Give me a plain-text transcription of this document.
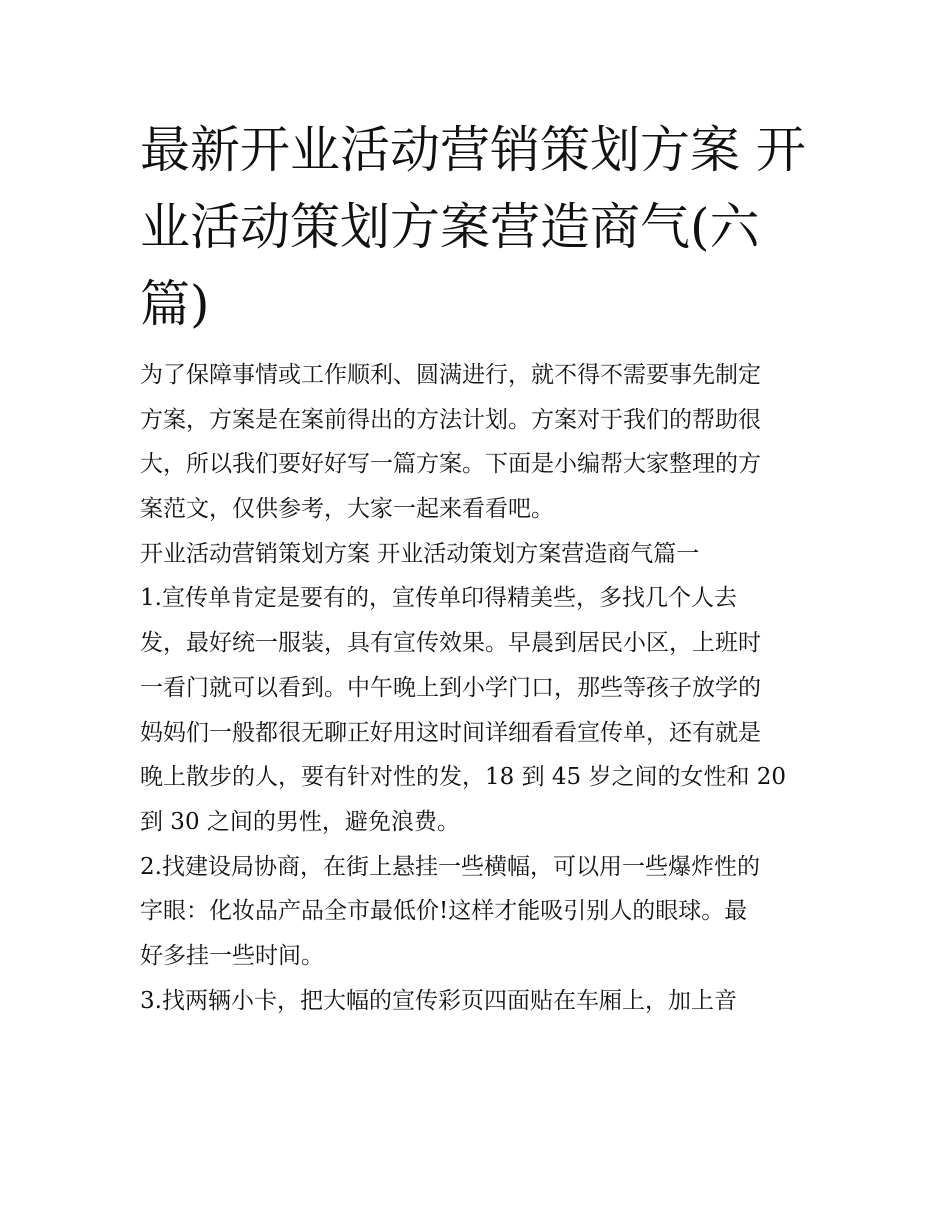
最新开业活动营销策划方案 开
业活动策划方案营造商气(六
篇)
为了保障事情或工作顺利、圆满进行，就不得不需要事先制定
方案，方案是在案前得出的方法计划。方案对于我们的帮助很
大，所以我们要好好写一篇方案。下面是小编帮大家整理的方
案范文，仅供参考，大家一起来看看吧。
开业活动营销策划方案 开业活动策划方案营造商气篇一
1.宣传单肯定是要有的，宣传单印得精美些，多找几个人去
发，最好统一服装，具有宣传效果。早晨到居民小区，上班时
一看门就可以看到。中午晚上到小学门口，那些等孩子放学的
妈妈们一般都很无聊正好用这时间详细看看宣传单，还有就是
晚上散步的人，要有针对性的发，18 到 45 岁之间的女性和 20
到 30 之间的男性，避免浪费。
2.找建设局协商，在街上悬挂一些横幅，可以用一些爆炸性的
字眼：化妆品产品全市最低价!这样才能吸引别人的眼球。最
好多挂一些时间。
3.找两辆小卡，把大幅的宣传彩页四面贴在车厢上，加上音
